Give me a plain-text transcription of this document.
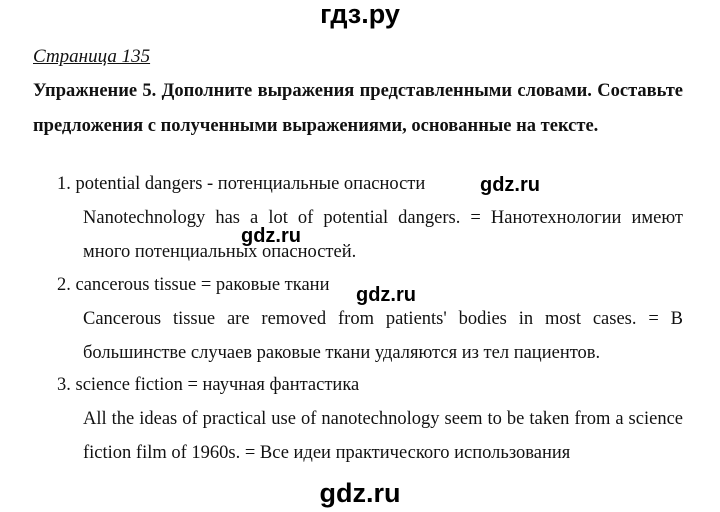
гдз.ру
Страница 135

Упражнение 5. Дополните выражения представленными словами. Составьте предложения с полученными выражениями, основанные на тексте.

1. potential dangers - потенциальные опасности

Nanotechnology has a lot of potential dangers. = Нанотехнологии имеют много потенциальных опасностей.

2. cancerous tissue = раковые ткани

Cancerous tissue are removed from patients' bodies in most cases. = В большинстве случаев раковые ткани удаляются из тел пациентов.

3. science fiction = научная фантастика

All the ideas of practical use of nanotechnology seem to be taken from a science fiction film of 1960s. = Все идеи практического использования

gdz.ru
gdz.ru
gdz.ru
gdz.ru
